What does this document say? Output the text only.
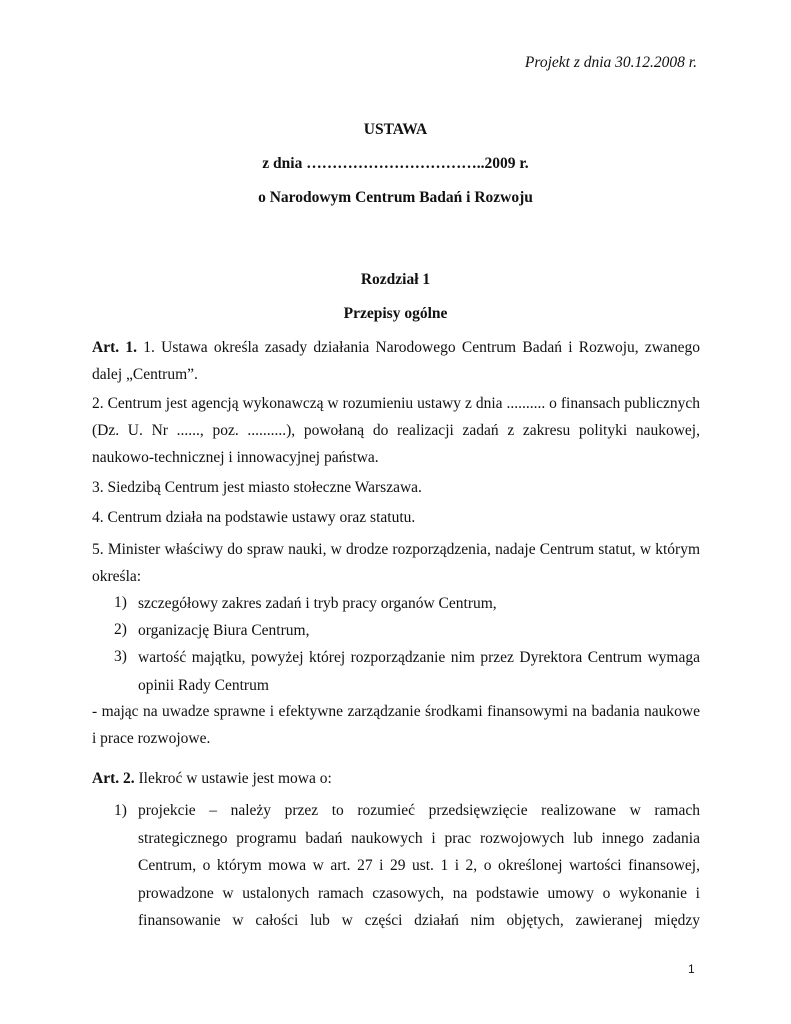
Projekt z dnia 30.12.2008 r.
USTAWA
z dnia ……………………………..2009 r.
o Narodowym Centrum Badań i Rozwoju
Rozdział 1
Przepisy ogólne
Art. 1. 1. Ustawa określa zasady działania Narodowego Centrum Badań i Rozwoju, zwanego
dalej „Centrum”.
2. Centrum jest agencją wykonawczą w rozumieniu ustawy z dnia .......... o finansach publicznych
(Dz. U. Nr ......, poz. ..........), powołaną do realizacji zadań z zakresu polityki naukowej,
naukowo-technicznej i innowacyjnej państwa.
3. Siedzibą Centrum jest miasto stołeczne Warszawa.
4. Centrum działa na podstawie ustawy oraz statutu.
5. Minister właściwy do spraw nauki, w drodze rozporządzenia, nadaje Centrum statut, w którym
określa:
1) szczegółowy zakres zadań i tryb pracy organów Centrum,
2) organizację Biura Centrum,
3) wartość majątku, powyżej której rozporządzanie nim przez Dyrektora Centrum wymaga
opinii Rady Centrum
- mając na uwadze sprawne i efektywne zarządzanie środkami finansowymi na badania naukowe
i prace rozwojowe.
Art. 2. Ilekroć w ustawie jest mowa o:
1) projekcie – należy przez to rozumieć przedsięwzięcie realizowane w ramach
strategicznego programu badań naukowych i prac rozwojowych lub innego zadania
Centrum, o którym mowa w art. 27 i 29 ust. 1 i 2, o określonej wartości finansowej,
prowadzone w ustalonych ramach czasowych, na podstawie umowy o wykonanie i
finansowanie w całości lub w części działań nim objętych, zawieranej między
1
